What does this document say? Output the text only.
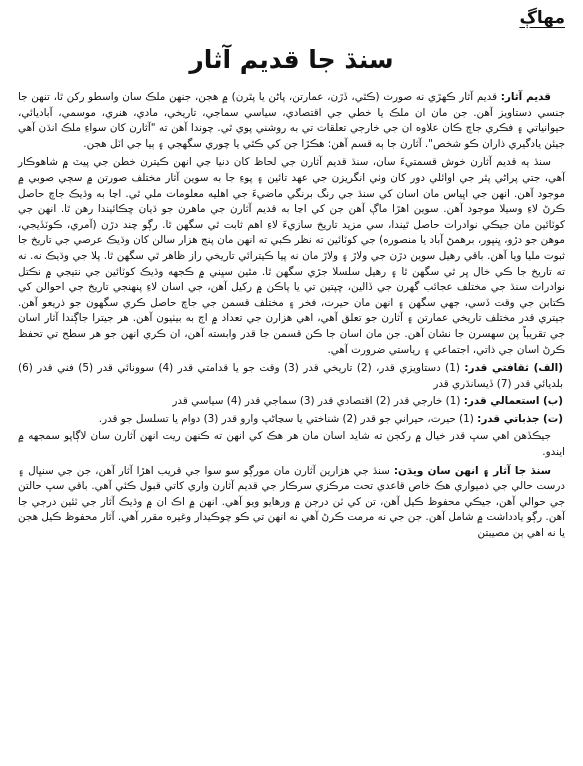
مهاڳ
سنڌ جا قديم آثار

قديم آثار: قديم آثار ڪهڙي نه صورت (ڪٿي، ڏڙن، عمارتن، پاڻن يا پٿرن) ۾ هجن، جنهن ملڪ سان واسطو رکن ٿا، تنهن جا جنسي دستاويز آهن. جن مان ان ملڪ يا خطي جي اقتصادي، سياسي سماجي، تاريخي، مادي، هنري، موسمي، آباديائي، حيوانياتي ۽ فڪري جاچ ڪان علاوه ان جي خارجي تعلقات تي به روشني پوي ٿي. چوندا آهن ته "آثارن کان سواءِ ملڪ انڌن آهي جيئن يادگيري ذاران ڪو شخص". آثارن جا ٻه قسم آهن: هڪڙا جن کي ڪٿي يا چوري سگهجي ۽ ٻيا جي اٽل هجن.

سنڌ ٻه قديم آثارن خوش قسمتيءَ سان، سنڌ قديم آثارن جي لحاظ کان دنيا جي انهن ڪيترن خطن جي پيٽ ۾ شاهوڪار آهي، جتي پراڻي پٿر جي اوائلي دور کان وٺي انگريزن جي عهد تائين ۽ پوءِ جا به سوين آثار مختلف صورتن ۾ سڄي صوبي ۾ موجود آهن. انهن جي اڀياس مان اسان کي سنڌ جي رنگ برنگي ماضيءَ جي اهليه معلومات ملي ٿي. اڃا به وڌيڪ جاچ حاصل ڪرڻ لاءِ وسيلا موجود آهن. سوين اهڙا ماڳ آهن جن کي اڃا به قديم آثارن جي ماهرن جو ڌيان ڇڪائيندا رهن ٿا. انهن جي کوٽائين مان جيڪي نوادرات حاصل ٿيندا، سي مزيد تاريخ سازيءَ لاءِ اهم ثابت ٿي سگهن ٿا. رڳو چند دڙن (آمري، ڪوٽڏيجي، موهن جو دڙو، ڀنڀور، برهمڻ آباد يا منصوره) جي کوٽائين ته نظر ڪبي ته انهن مان پنج هزار سالن کان وڌيڪ عرصي جي تاريخ جا ثبوت مليا ويا آهن. باقي رهيل سوين دڙن جي ولاڙ ۽ ولاڙ مان نه پيا ڪيترائي تاريخي راز ظاهر ٿي سگهن ٿا. پلا جي وڌيڪ نه. نه ته تاريخ جا ڪي خال ڀر ٿي سگهن ٿا ۽ رهيل سلسلا جڙي سگهن ٿا. مٿين سڀني ۾ ڪجهه وڌيڪ کوٽائين جي نتيجي ۾ نڪتل نوادرات سنڌ جي مختلف عجائب گهرن جي ڏالين، ڇپتين تي يا پاڪن ۾ رکيل آهن، جي اسان لاءِ پنهنجي تاريخ جي احوالن کي ڪتابن جي وقت ڏسي، جهي سگهن ۽ انهن مان حيرت، فخر ۽ مختلف قسمن جي جاچ حاصل ڪري سگهون جو ذريعو آهن. جيتري قدر مختلف تاريخي عمارتن ۽ آثارن جو تعلق آهي، اهي هزارن جي تعداد ۾ اڄ به بيٺيون آهن. هر جيترا جاڳندا آثار اسان جي تقريباً پن سهسرن جا نشان آهن. جن مان اسان جا ڪن قسمن جا قدر وابسته آهن، ان ڪري انهن جو هر سطح تي تحفظ ڪرڻ اسان جي ذاتي، اجتماعي ۽ رياستي ضرورت آهي.

(الف) ثقافتي قدر: (1) دستاويزي قدر، (2) تاريخي قدر (3) وقت جو يا قدامتي قدر (4) سوونائي قدر (5) فني قدر (6) بلديائي قدر (7) ڏيسانڌري قدر
(ب) استعمالي قدر: (1) خارجي قدر (2) اقتصادي قدر (3) سماجي قدر (4) سياسي قدر
(ت) جذباتي قدر: (1) حيرت، حيراني جو قدر (2) شناختي يا سڃاڻپ وارو قدر (3) دوام يا تسلسل جو قدر.

جيڪڏهن اهي سڀ قدر خيال ۾ رکجن ته شايد اسان مان هر هڪ کي انهن ته ڪنهن ريت انهن آثارن سان لاڳاپو سمجهه ۾ ايندو.

سنڌ جا آثار ۽ انهن سان ويڌن: سنڌ جي هزارين آثارن مان مورڳو سو سوا جي قريب اهڙا آثار آهن، جن جي سنڀال ۽ درست حالي جي ذميواري هڪ خاص قاعدي تحت مرڪزي سرڪار جي قديم آثارن واري کاتي قبول ڪئي آهي. باقي سڀ حالتن جي حوالي آهن، جيڪي محفوظ ڪيل آهن، تن کي ٽن درجن ۾ ورهايو ويو آهي. انهن ۾ اڪ ان ۾ وڌيڪ آثار جي ٽئين درجي جا آهن. رڳو يادداشت ۾ شامل آهن. جن جي نه مرمت ڪرڻ آهي نه انهن تي ڪو چوڪيدار وغيره مقرر آهي. آثار محفوظ ڪيل هجن يا نه اهي ٻن مصيبتن
